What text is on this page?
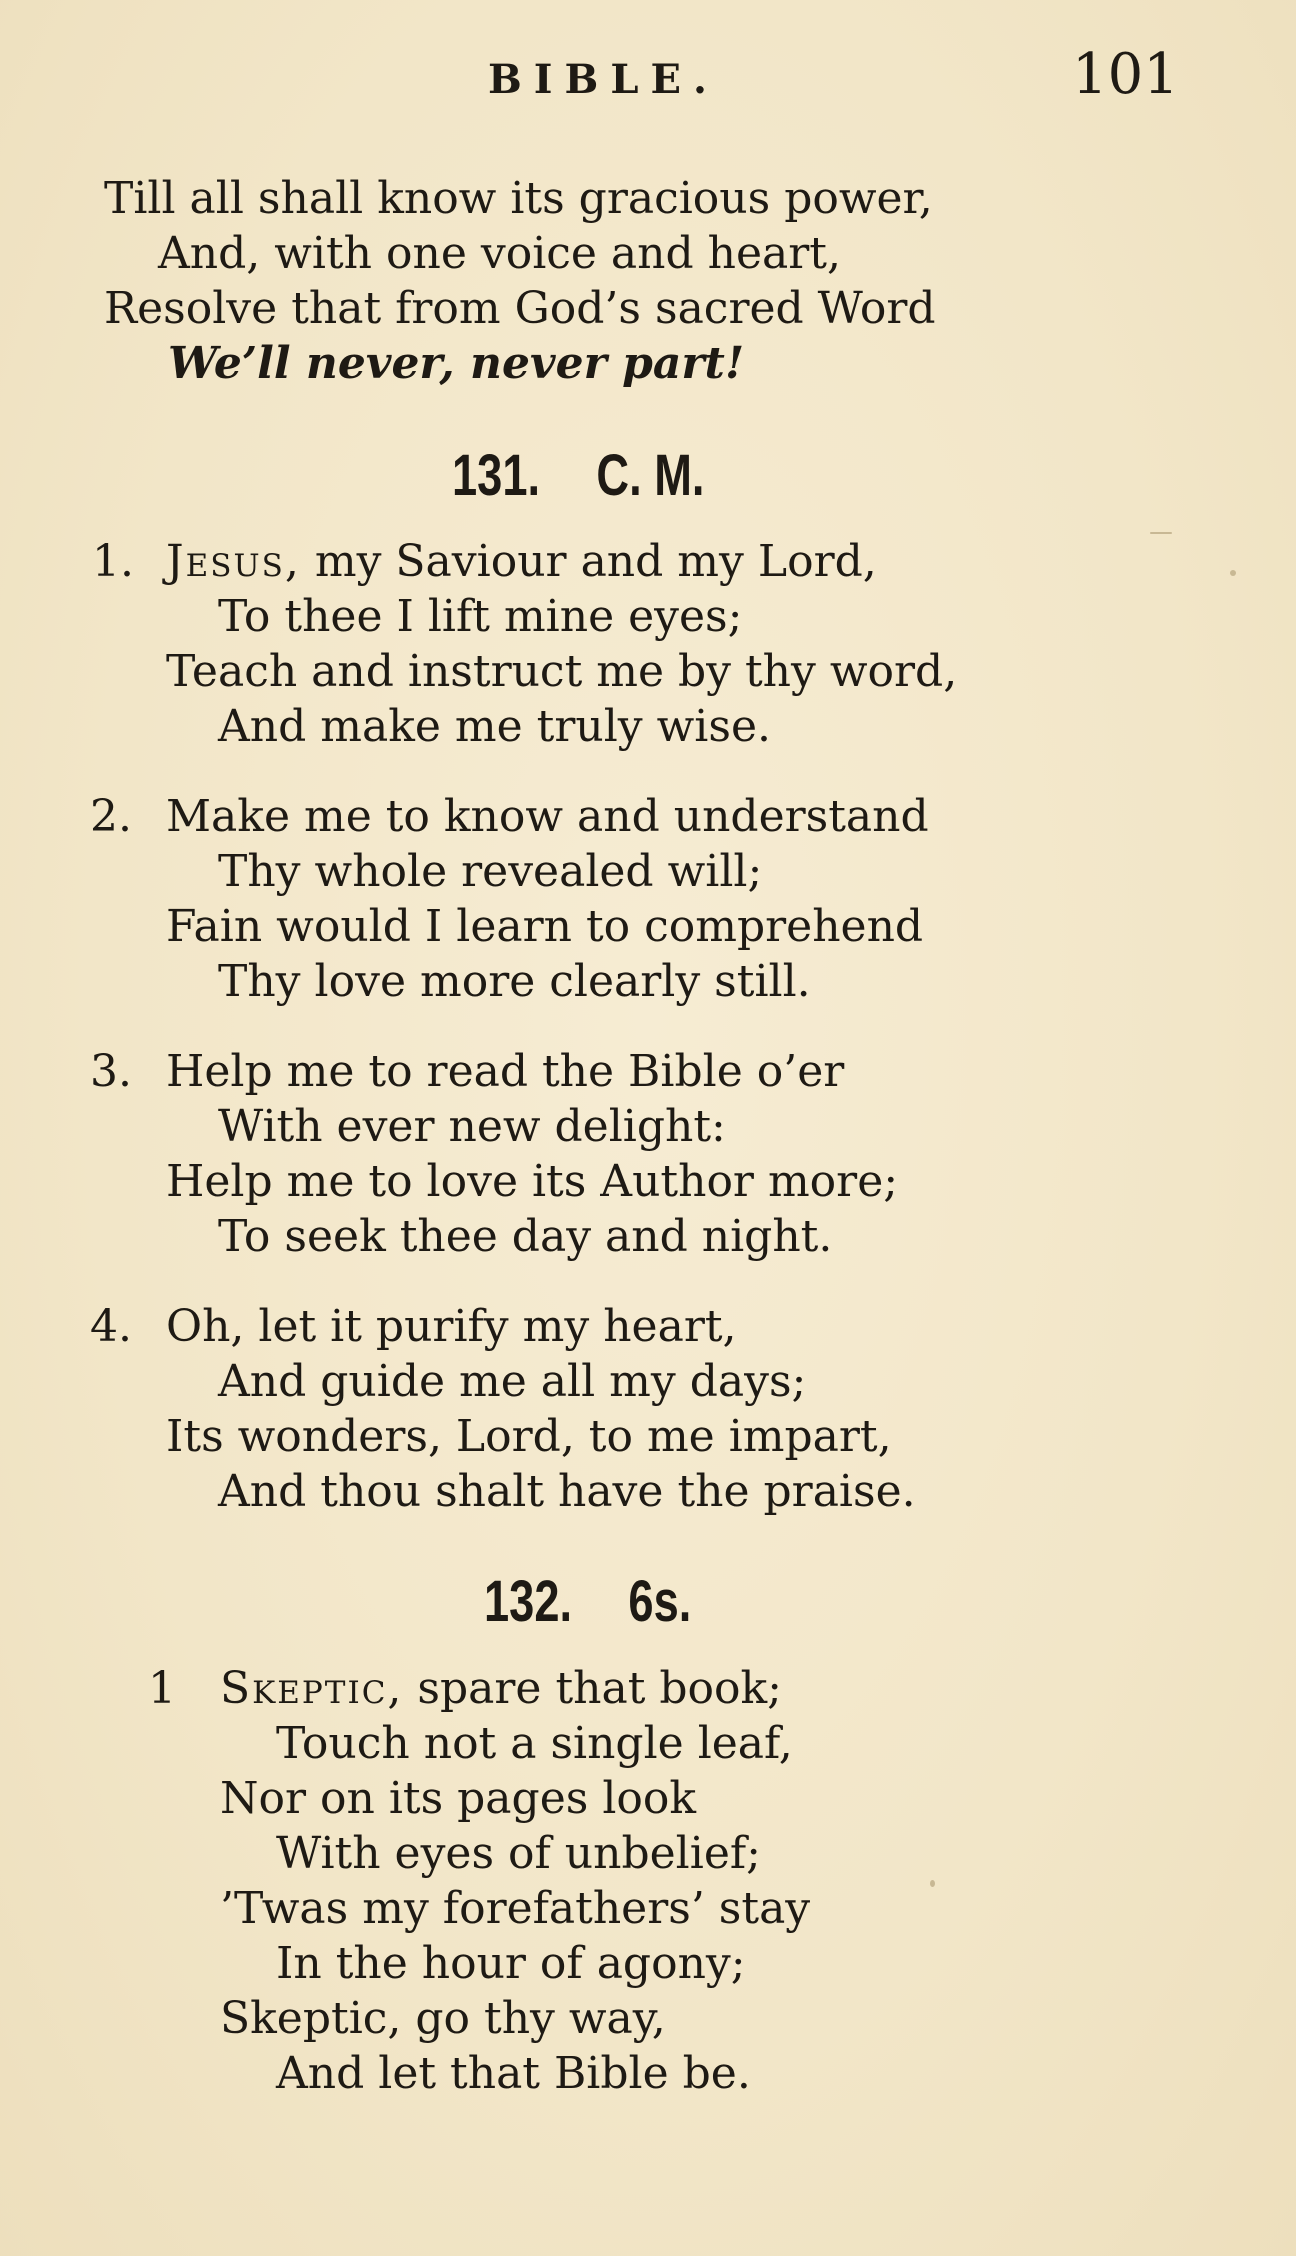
BIBLE.	101
Till all shall know its gracious power,
And, with one voice and heart,
Resolve that from God’s sacred Word
We’ll never, never part!
131. C. M.
1. Jesus, my Saviour and my Lord,
To thee I lift mine eyes;
Teach and instruct me by thy word,
And make me truly wise.
2. Make me to know and understand
Thy whole revealed will;
Fain would I learn to comprehend
Thy love more clearly still.
3. Help me to read the Bible o’er
With ever new delight:
Help me to love its Author more;
To seek thee day and night.
4. Oh, let it purify my heart,
And guide me all my days;
Its wonders, Lord, to me impart,
And thou shalt have the praise.
132. 6s.
1 Skeptic, spare that book;
Touch not a single leaf,
Nor on its pages look
With eyes of unbelief;
’Twas my forefathers’ stay
In the hour of agony;
Skeptic, go thy way,
And let that Bible be.
